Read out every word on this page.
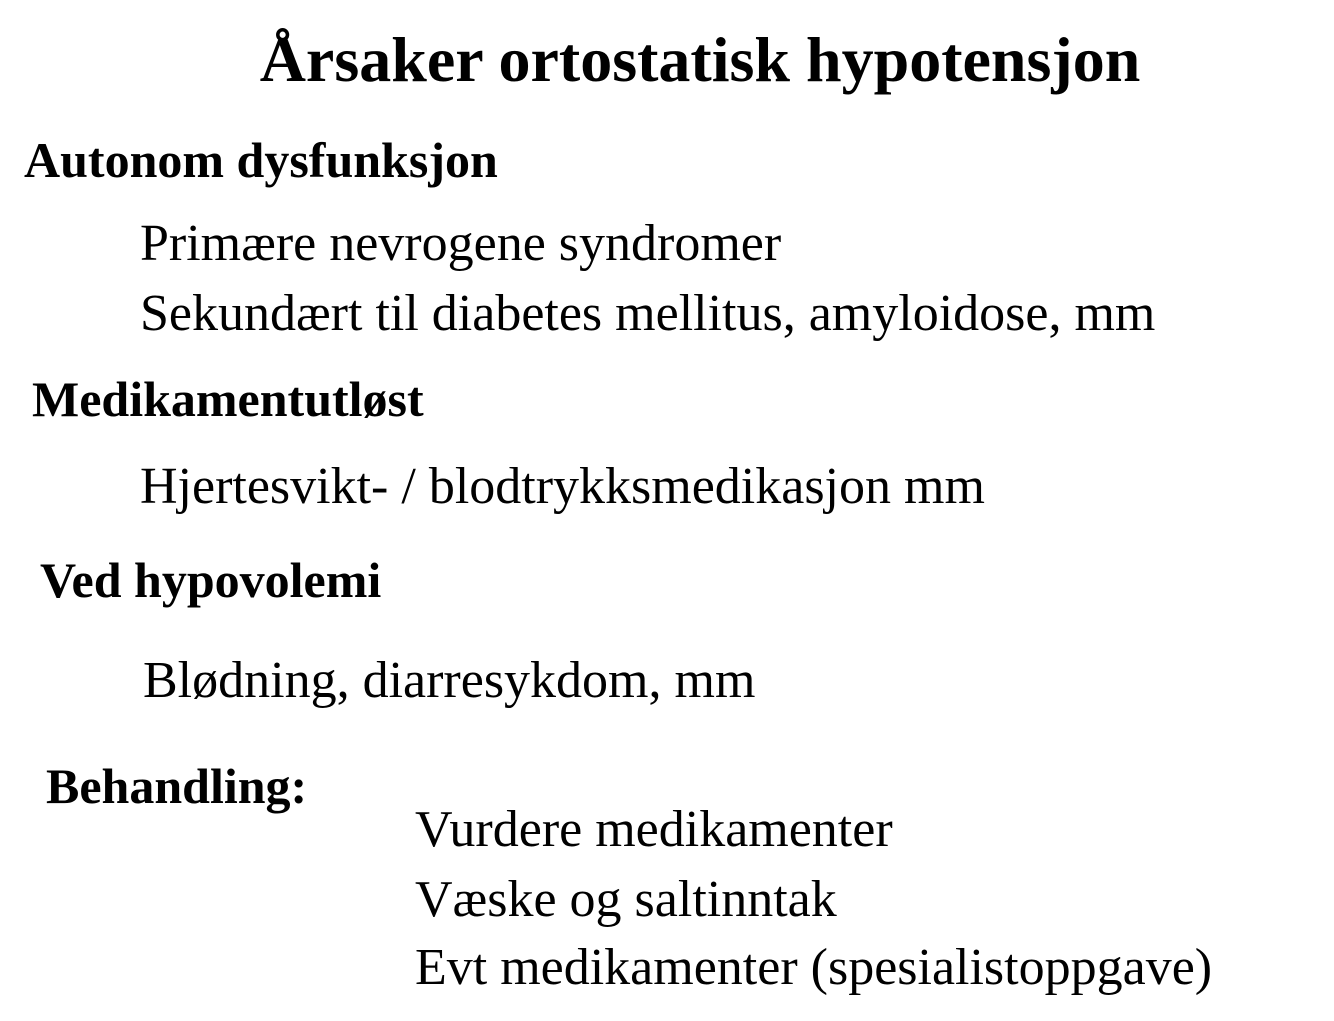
Årsaker ortostatisk hypotensjon
Autonom dysfunksjon
Primære nevrogene syndromer
Sekundært til diabetes mellitus, amyloidose, mm
Medikamentutløst
Hjertesvikt- / blodtrykksmedikasjon mm
Ved hypovolemi
Blødning, diarresykdom, mm
Behandling:
Vurdere medikamenter
Væske og saltinntak
Evt medikamenter (spesialistoppgave)
